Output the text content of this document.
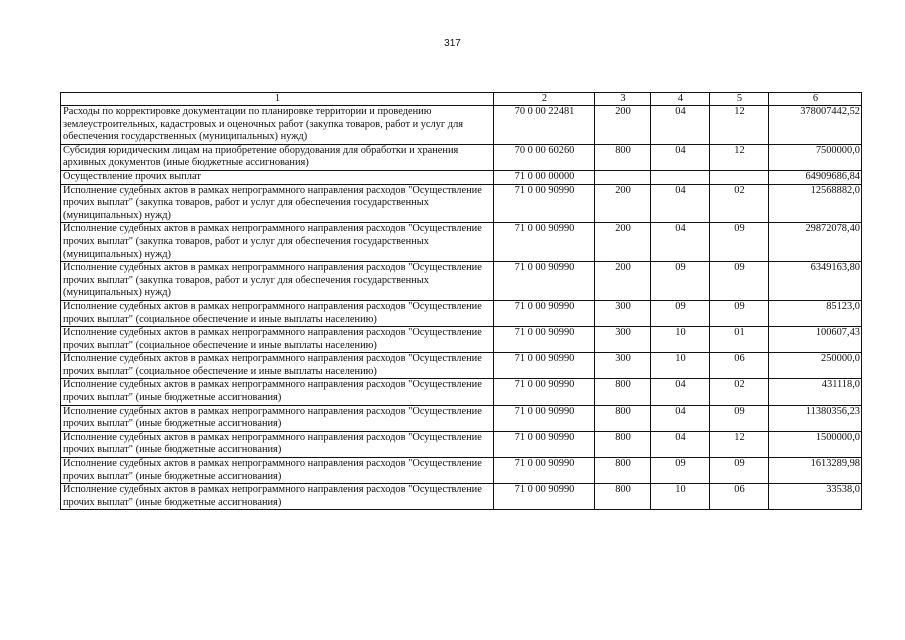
317
1	2	3	4	5	6
Расходы по корректировке документации по планировке территории и проведению землеустроительных, кадастровых и оценочных работ (закупка товаров, работ и услуг для обеспечения государственных (муниципальных) нужд)	70 0 00 22481	200	04	12	378007442,52
Субсидия юридическим лицам на приобретение оборудования для обработки и хранения архивных документов (иные бюджетные ассигнования)	70 0 00 60260	800	04	12	7500000,0
Осуществление прочих выплат	71 0 00 00000				64909686,84
Исполнение судебных актов в рамках непрограммного направления расходов "Осуществление прочих выплат" (закупка товаров, работ и услуг для обеспечения государственных (муниципальных) нужд)	71 0 00 90990	200	04	02	12568882,0
Исполнение судебных актов в рамках непрограммного направления расходов "Осуществление прочих выплат" (закупка товаров, работ и услуг для обеспечения государственных (муниципальных) нужд)	71 0 00 90990	200	04	09	29872078,40
Исполнение судебных актов в рамках непрограммного направления расходов "Осуществление прочих выплат" (закупка товаров, работ и услуг для обеспечения государственных (муниципальных) нужд)	71 0 00 90990	200	09	09	6349163,80
Исполнение судебных актов в рамках непрограммного направления расходов "Осуществление прочих выплат" (социальное обеспечение и иные выплаты населению)	71 0 00 90990	300	09	09	85123,0
Исполнение судебных актов в рамках непрограммного направления расходов "Осуществление прочих выплат" (социальное обеспечение и иные выплаты населению)	71 0 00 90990	300	10	01	100607,43
Исполнение судебных актов в рамках непрограммного направления расходов "Осуществление прочих выплат" (социальное обеспечение и иные выплаты населению)	71 0 00 90990	300	10	06	250000,0
Исполнение судебных актов в рамках непрограммного направления расходов "Осуществление прочих выплат" (иные бюджетные ассигнования)	71 0 00 90990	800	04	02	431118,0
Исполнение судебных актов в рамках непрограммного направления расходов "Осуществление прочих выплат" (иные бюджетные ассигнования)	71 0 00 90990	800	04	09	11380356,23
Исполнение судебных актов в рамках непрограммного направления расходов "Осуществление прочих выплат" (иные бюджетные ассигнования)	71 0 00 90990	800	04	12	1500000,0
Исполнение судебных актов в рамках непрограммного направления расходов "Осуществление прочих выплат" (иные бюджетные ассигнования)	71 0 00 90990	800	09	09	1613289,98
Исполнение судебных актов в рамках непрограммного направления расходов "Осуществление прочих выплат" (иные бюджетные ассигнования)	71 0 00 90990	800	10	06	33538,0
